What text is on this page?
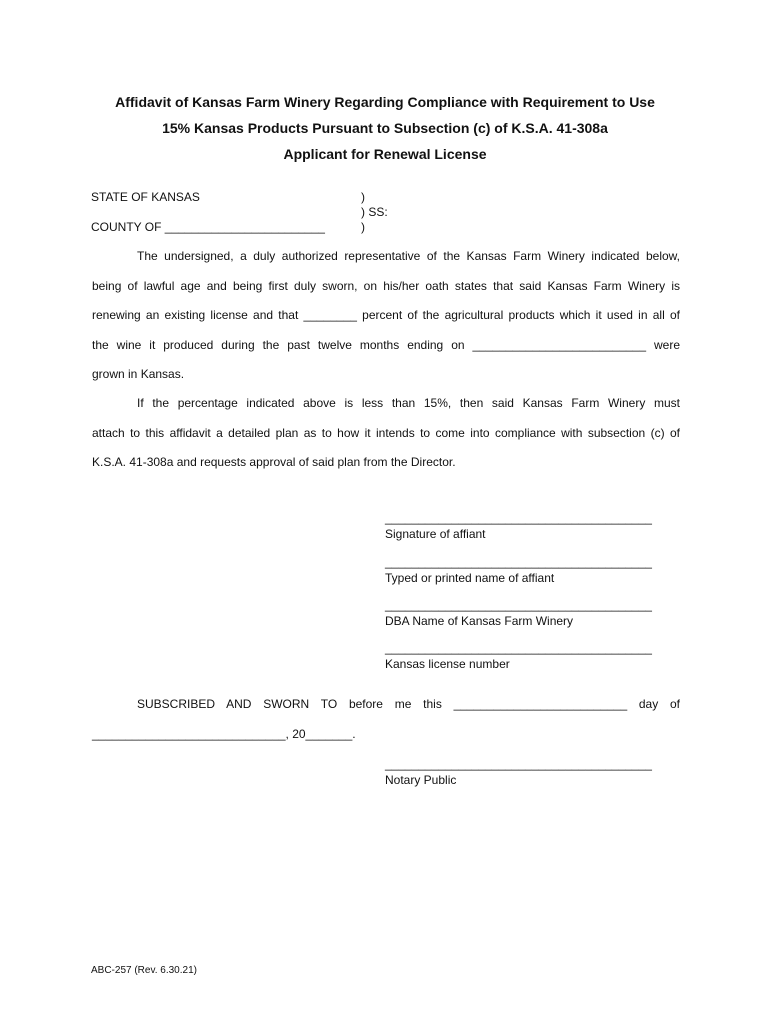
Affidavit of Kansas Farm Winery Regarding Compliance with Requirement to Use
15% Kansas Products Pursuant to Subsection (c) of K.S.A. 41-308a
Applicant for Renewal License
STATE OF KANSAS
COUNTY OF ________________________
)
) SS:
)
The undersigned, a duly authorized representative of the Kansas Farm Winery indicated below,
being of lawful age and being first duly sworn, on his/her oath states that said Kansas Farm Winery is
renewing an existing license and that ________ percent of the agricultural products which it used in all of
the wine it produced during the past twelve months ending on __________________________ were
grown in Kansas.
If the percentage indicated above is less than 15%, then said Kansas Farm Winery must
attach to this affidavit a detailed plan as to how it intends to come into compliance with subsection (c) of
K.S.A. 41-308a and requests approval of said plan from the Director.
________________________________________
Signature of affiant
________________________________________
Typed or printed name of affiant
________________________________________
DBA Name of Kansas Farm Winery
________________________________________
Kansas license number
SUBSCRIBED AND SWORN TO before me this __________________________ day of
_____________________________, 20_______.
________________________________________
Notary Public
ABC-257 (Rev. 6.30.21)
